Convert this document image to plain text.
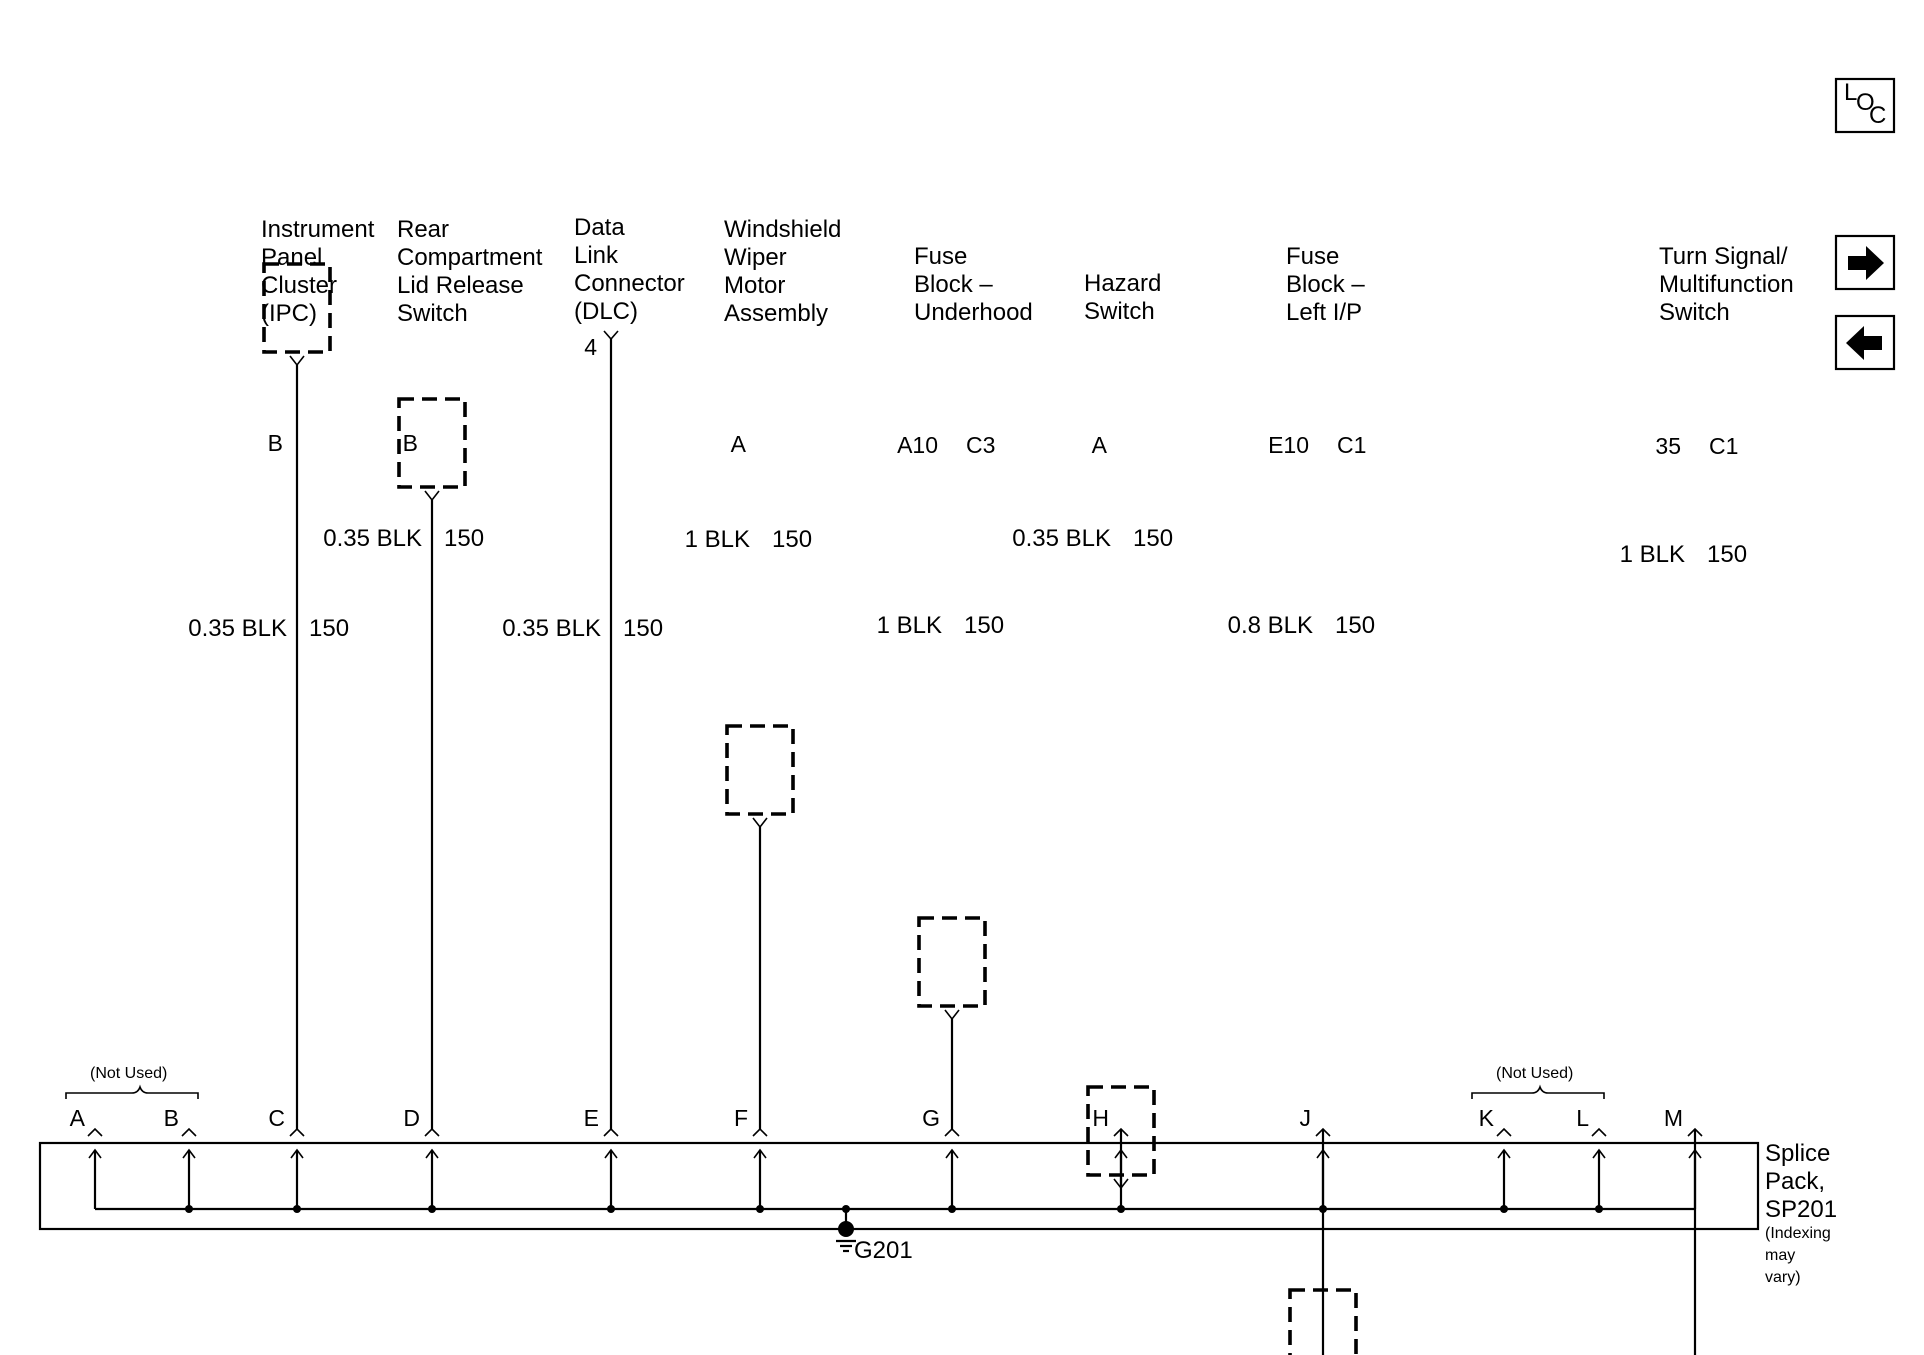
L
O
C
Instrument
Panel
Cluster
(IPC)
B
0.35 BLK 150
Rear
Compartment
Lid Release
Switch
B
0.35 BLK 150
Data
Link
Connector
(DLC)
4
0.35 BLK 150
Windshield
Wiper
Motor
Assembly
A
1 BLK 150
Fuse
Block –
Underhood
A10 C3
1 BLK 150
Hazard
Switch
A
0.35 BLK 150
Fuse
Block –
Left I/P
E10 C1
0.8 BLK 150
Turn Signal/
Multifunction
Switch
35 C1
1 BLK 150
C	D	E	F	G	H	J	M
A	B	K	L
Splice
Pack,
SP201
(Indexing
may
vary)
G201
(Not Used)	(Not Used)
